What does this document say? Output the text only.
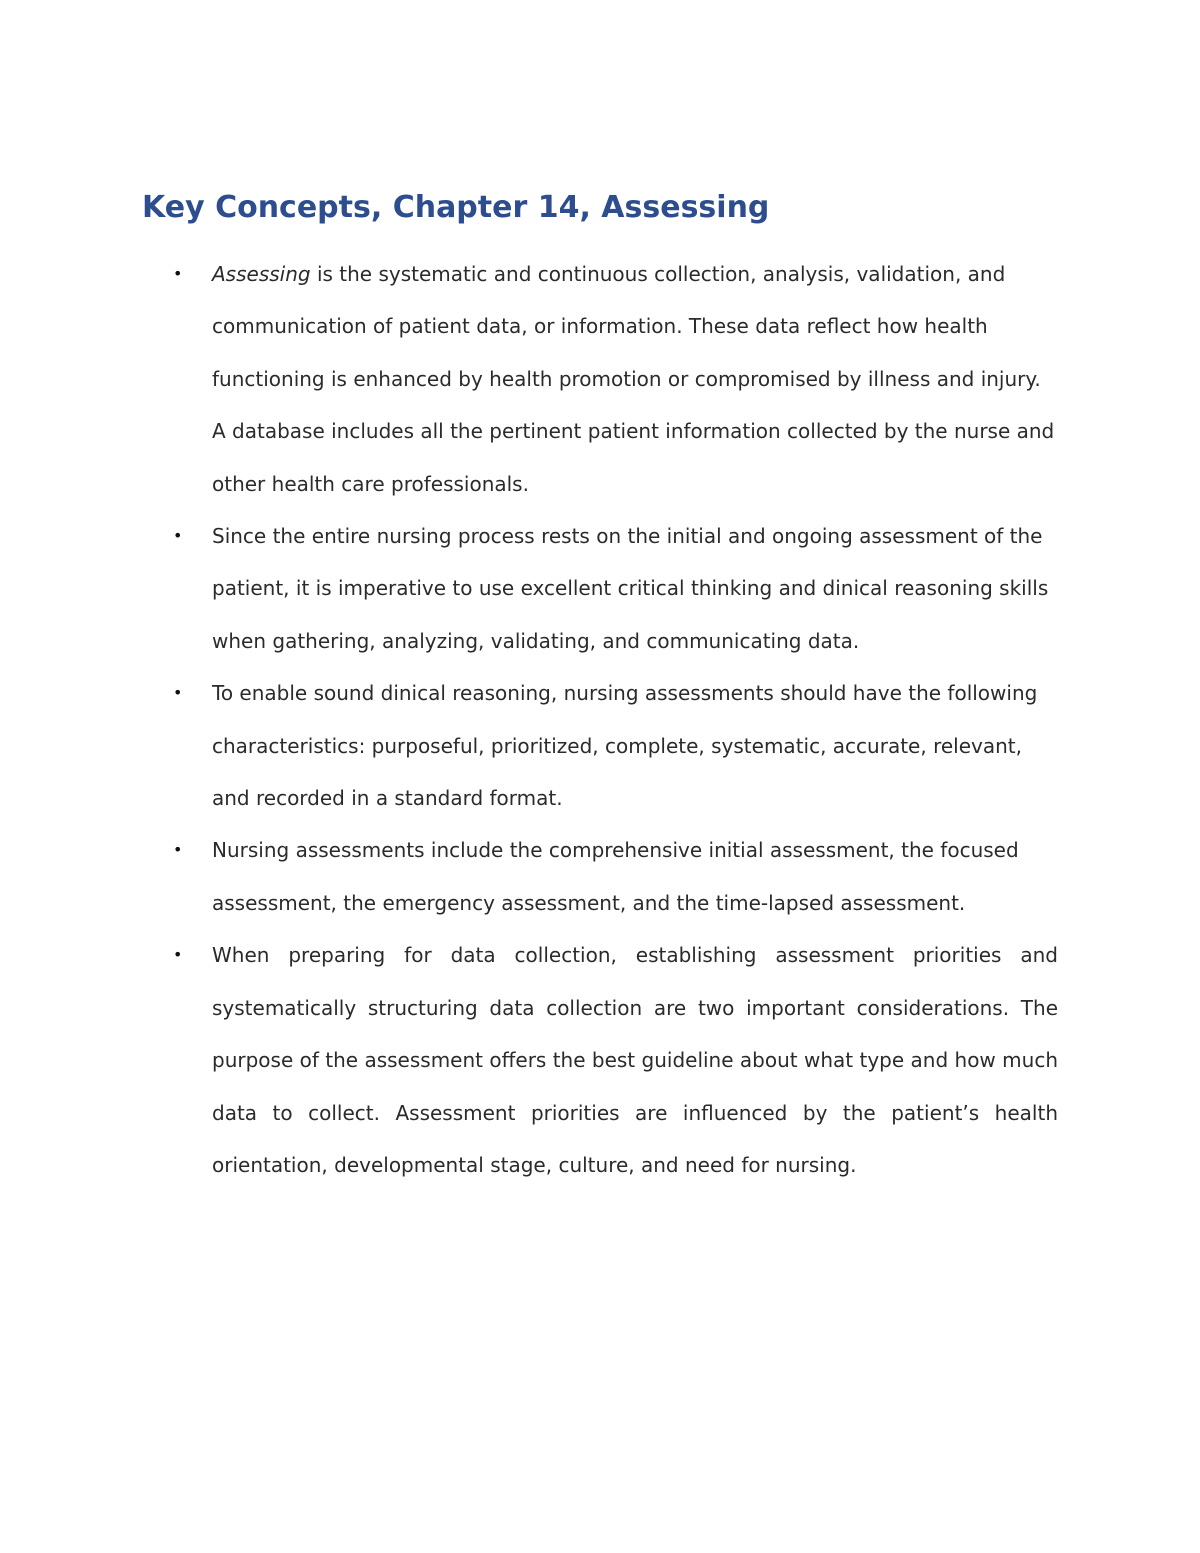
Key Concepts, Chapter 14, Assessing
• Assessing is the systematic and continuous collection, analysis, validation, and communication of patient data, or information. These data reflect how health functioning is enhanced by health promotion or compromised by illness and injury. A database includes all the pertinent patient information collected by the nurse and other health care professionals.
• Since the entire nursing process rests on the initial and ongoing assessment of the patient, it is imperative to use excellent critical thinking and dinical reasoning skills when gathering, analyzing, validating, and communicating data.
• To enable sound dinical reasoning, nursing assessments should have the following characteristics: purposeful, prioritized, complete, systematic, accurate, relevant, and recorded in a standard format.
• Nursing assessments include the comprehensive initial assessment, the focused assessment, the emergency assessment, and the time-lapsed assessment.
• When preparing for data collection, establishing assessment priorities and systematically structuring data collection are two important considerations. The purpose of the assessment offers the best guideline about what type and how much data to collect. Assessment priorities are influenced by the patient’s health orientation, developmental stage, culture, and need for nursing.
